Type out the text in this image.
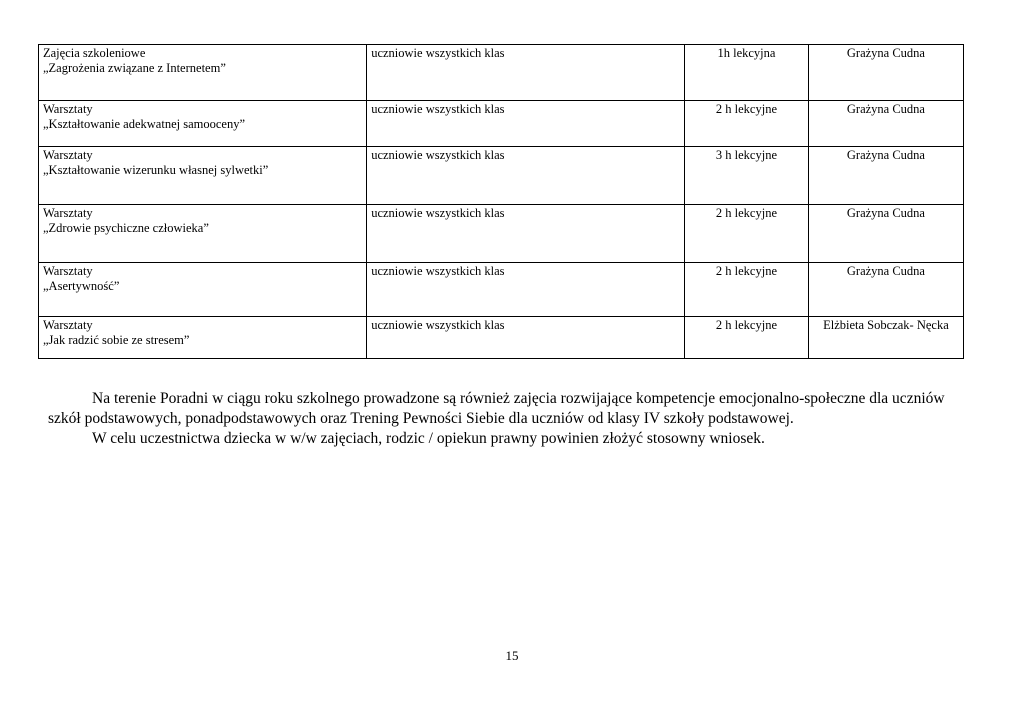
Zajęcia szkoleniowe
„Zagrożenia związane z Internetem”	uczniowie wszystkich klas	1h lekcyjna	Grażyna Cudna

Warsztaty
„Kształtowanie adekwatnej samooceny”	uczniowie wszystkich klas	2 h lekcyjne	Grażyna Cudna

Warsztaty
„Kształtowanie wizerunku własnej sylwetki”	uczniowie wszystkich klas	3 h lekcyjne	Grażyna Cudna

Warsztaty
„Zdrowie psychiczne człowieka”	uczniowie wszystkich klas	2 h lekcyjne	Grażyna Cudna

Warsztaty
„Asertywność”	uczniowie wszystkich klas	2 h lekcyjne	Grażyna Cudna

Warsztaty
„Jak radzić sobie ze stresem”	uczniowie wszystkich klas	2 h lekcyjne	Elżbieta Sobczak- Nęcka

Na terenie Poradni w ciągu roku szkolnego prowadzone są również zajęcia rozwijające kompetencje emocjonalno-społeczne dla uczniów szkół podstawowych, ponadpodstawowych oraz Trening Pewności Siebie dla uczniów od klasy IV szkoły podstawowej.

W celu uczestnictwa dziecka w w/w zajęciach, rodzic / opiekun prawny powinien złożyć stosowny wniosek.

15
